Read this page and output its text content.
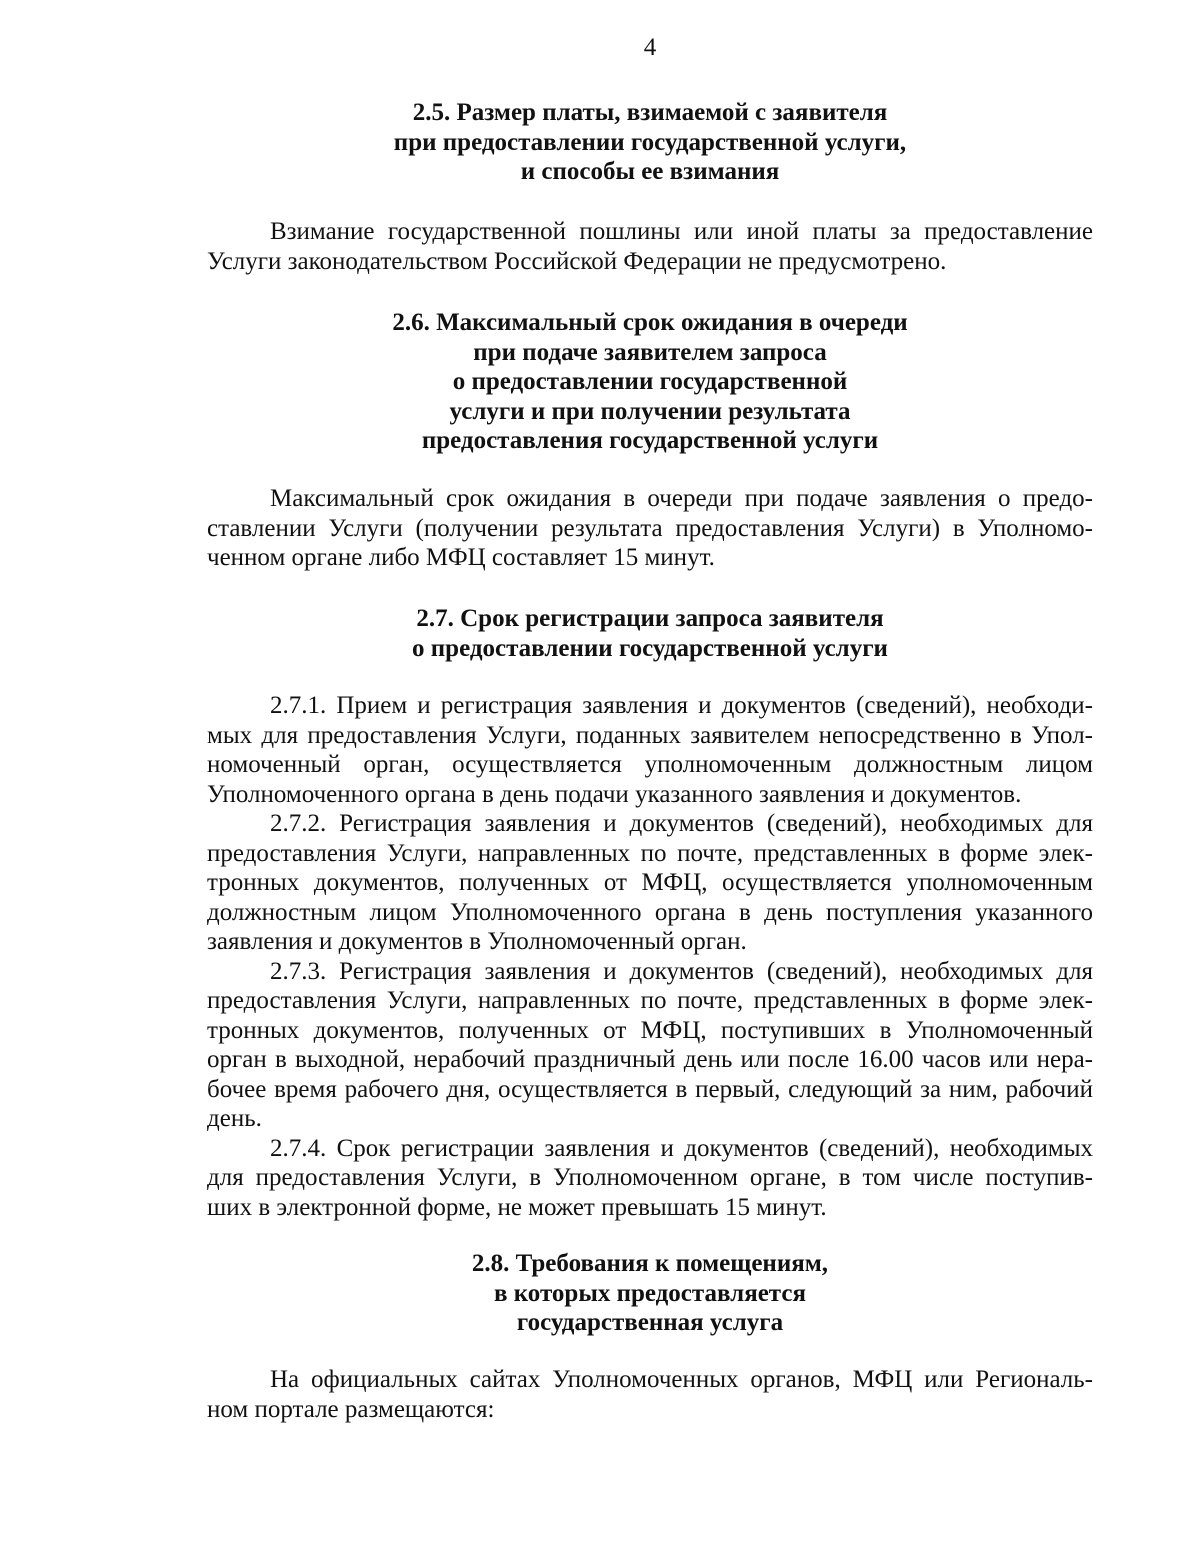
4
2.5. Размер платы, взимаемой с заявителя
при предоставлении государственной услуги,
и способы ее взимания
Взимание государственной пошлины или иной платы за предоставление
Услуги законодательством Российской Федерации не предусмотрено.
2.6. Максимальный срок ожидания в очереди
при подаче заявителем запроса
о предоставлении государственной
услуги и при получении результата
предоставления государственной услуги
Максимальный срок ожидания в очереди при подаче заявления о предо-
ставлении Услуги (получении результата предоставления Услуги) в Уполномо-
ченном органе либо МФЦ составляет 15 минут.
2.7. Срок регистрации запроса заявителя
о предоставлении государственной услуги
2.7.1. Прием и регистрация заявления и документов (сведений), необходи-
мых для предоставления Услуги, поданных заявителем непосредственно в Упол-
номоченный орган, осуществляется уполномоченным должностным лицом
Уполномоченного органа в день подачи указанного заявления и документов.
2.7.2. Регистрация заявления и документов (сведений), необходимых для
предоставления Услуги, направленных по почте, представленных в форме элек-
тронных документов, полученных от МФЦ, осуществляется уполномоченным
должностным лицом Уполномоченного органа в день поступления указанного
заявления и документов в Уполномоченный орган.
2.7.3. Регистрация заявления и документов (сведений), необходимых для
предоставления Услуги, направленных по почте, представленных в форме элек-
тронных документов, полученных от МФЦ, поступивших в Уполномоченный
орган в выходной, нерабочий праздничный день или после 16.00 часов или нера-
бочее время рабочего дня, осуществляется в первый, следующий за ним, рабочий
день.
2.7.4. Срок регистрации заявления и документов (сведений), необходимых
для предоставления Услуги, в Уполномоченном органе, в том числе поступив-
ших в электронной форме, не может превышать 15 минут.
2.8. Требования к помещениям,
в которых предоставляется
государственная услуга
На официальных сайтах Уполномоченных органов, МФЦ или Региональ-
ном портале размещаются:
